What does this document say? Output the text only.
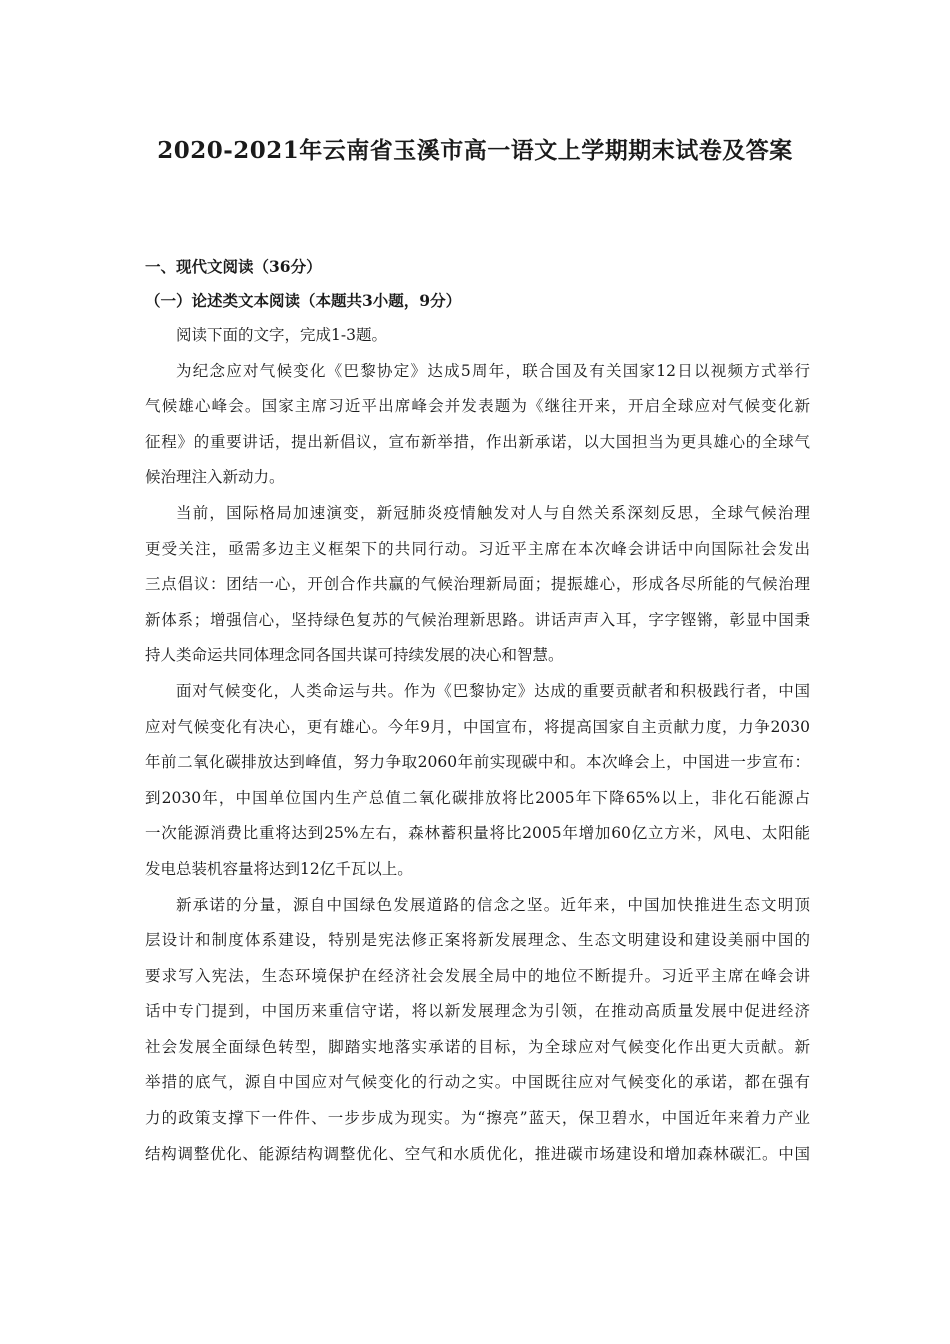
2020-2021年云南省玉溪市高一语文上学期期末试卷及答案
一、现代文阅读（36分）
（一）论述类文本阅读（本题共3小题，9分）

阅读下面的文字，完成1-3题。

为纪念应对气候变化《巴黎协定》达成5周年，联合国及有关国家12日以视频方式举行
气候雄心峰会。国家主席习近平出席峰会并发表题为《继往开来，开启全球应对气候变化新
征程》的重要讲话，提出新倡议，宣布新举措，作出新承诺，以大国担当为更具雄心的全球气
候治理注入新动力。

当前，国际格局加速演变，新冠肺炎疫情触发对人与自然关系深刻反思，全球气候治理
更受关注，亟需多边主义框架下的共同行动。习近平主席在本次峰会讲话中向国际社会发出
三点倡议：团结一心，开创合作共赢的气候治理新局面；提振雄心，形成各尽所能的气候治理
新体系；增强信心，坚持绿色复苏的气候治理新思路。讲话声声入耳，字字铿锵，彰显中国秉
持人类命运共同体理念同各国共谋可持续发展的决心和智慧。

面对气候变化，人类命运与共。作为《巴黎协定》达成的重要贡献者和积极践行者，中国
应对气候变化有决心，更有雄心。今年9月，中国宣布，将提高国家自主贡献力度，力争2030
年前二氧化碳排放达到峰值，努力争取2060年前实现碳中和。本次峰会上，中国进一步宣布：
到2030年，中国单位国内生产总值二氧化碳排放将比2005年下降65%以上，非化石能源占
一次能源消费比重将达到25%左右，森林蓄积量将比2005年增加60亿立方米，风电、太阳能
发电总装机容量将达到12亿千瓦以上。

新承诺的分量，源自中国绿色发展道路的信念之坚。近年来，中国加快推进生态文明顶
层设计和制度体系建设，特别是宪法修正案将新发展理念、生态文明建设和建设美丽中国的
要求写入宪法，生态环境保护在经济社会发展全局中的地位不断提升。习近平主席在峰会讲
话中专门提到，中国历来重信守诺，将以新发展理念为引领，在推动高质量发展中促进经济
社会发展全面绿色转型，脚踏实地落实承诺的目标，为全球应对气候变化作出更大贡献。新
举措的底气，源自中国应对气候变化的行动之实。中国既往应对气候变化的承诺，都在强有
力的政策支撑下一件件、一步步成为现实。为“擦亮”蓝天，保卫碧水，中国近年来着力产业
结构调整优化、能源结构调整优化、空气和水质优化，推进碳市场建设和增加森林碳汇。中国
